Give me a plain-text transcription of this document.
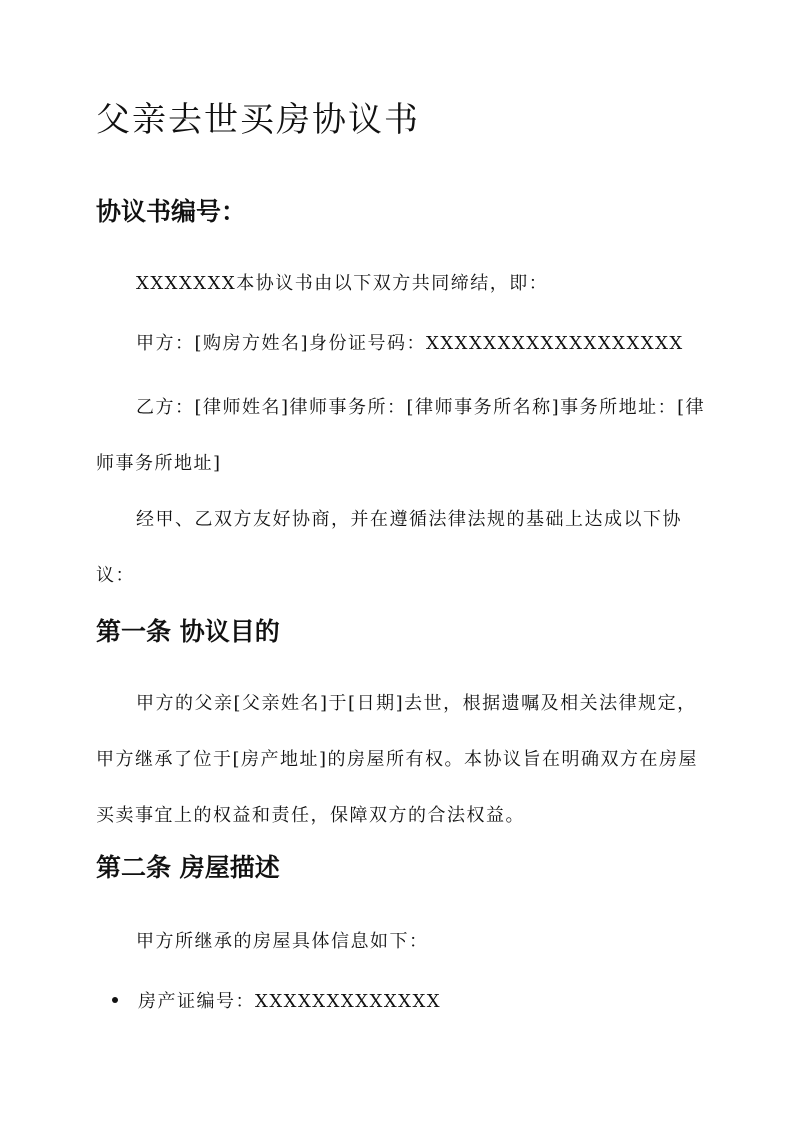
父亲去世买房协议书
协议书编号：

XXXXXXX本协议书由以下双方共同缔结，即：

甲方：[购房方姓名]身份证号码：XXXXXXXXXXXXXXXXXX

乙方：[律师姓名]律师事务所：[律师事务所名称]事务所地址：[律师事务所地址]

经甲、乙双方友好协商，并在遵循法律法规的基础上达成以下协议：

第一条 协议目的

甲方的父亲[父亲姓名]于[日期]去世，根据遗嘱及相关法律规定，甲方继承了位于[房产地址]的房屋所有权。本协议旨在明确双方在房屋买卖事宜上的权益和责任，保障双方的合法权益。

第二条 房屋描述

甲方所继承的房屋具体信息如下：

房产证编号：XXXXXXXXXXXXX
